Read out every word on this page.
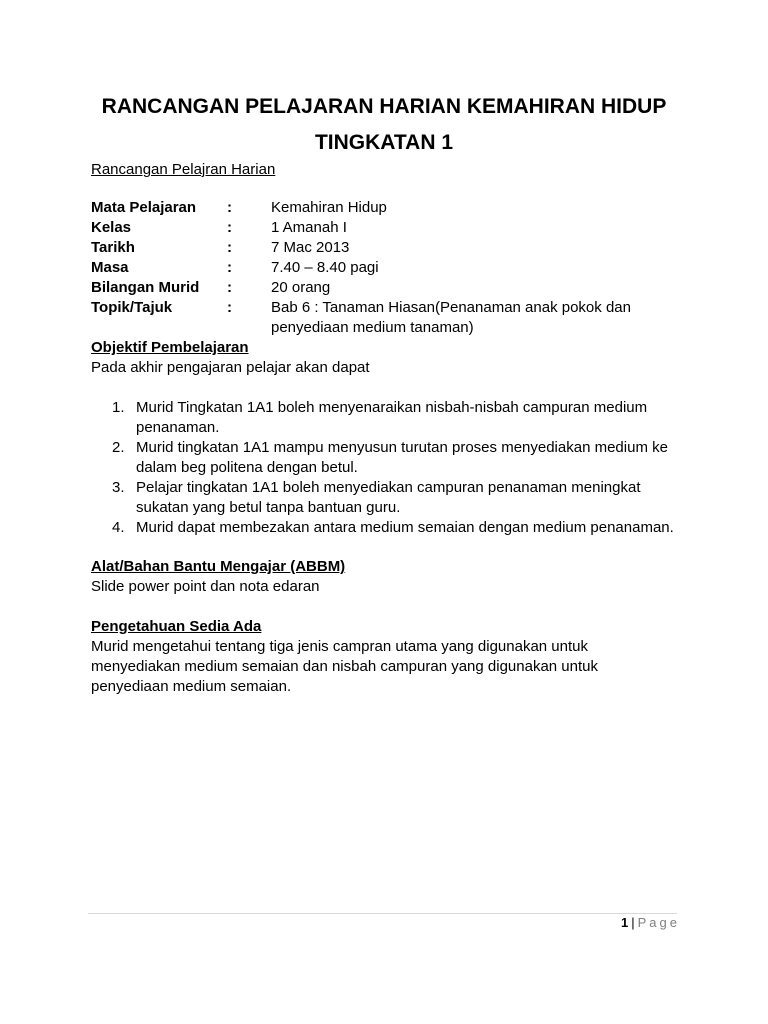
RANCANGAN PELAJARAN HARIAN KEMAHIRAN HIDUP
TINGKATAN 1
Rancangan Pelajran Harian
Mata Pelajaran	:	Kemahiran Hidup
Kelas	:	1 Amanah I
Tarikh	:	7 Mac 2013
Masa	:	7.40 – 8.40 pagi
Bilangan Murid	:	20 orang
Topik/Tajuk	:	Bab 6 : Tanaman Hiasan(Penanaman anak pokok dan penyediaan medium tanaman)
Objektif Pembelajaran
Pada akhir pengajaran pelajar akan dapat
1. Murid Tingkatan 1A1 boleh menyenaraikan nisbah-nisbah campuran medium penanaman.
2. Murid tingkatan 1A1 mampu menyusun turutan proses menyediakan medium ke dalam beg politena dengan betul.
3. Pelajar tingkatan 1A1 boleh menyediakan campuran penanaman meningkat sukatan yang betul tanpa bantuan guru.
4. Murid dapat membezakan antara medium semaian dengan medium penanaman.
Alat/Bahan Bantu Mengajar (ABBM)
Slide power point dan nota edaran
Pengetahuan Sedia Ada
Murid mengetahui tentang tiga jenis campran utama yang digunakan untuk menyediakan medium semaian dan nisbah campuran yang digunakan untuk penyediaan medium semaian.
1 | Page
